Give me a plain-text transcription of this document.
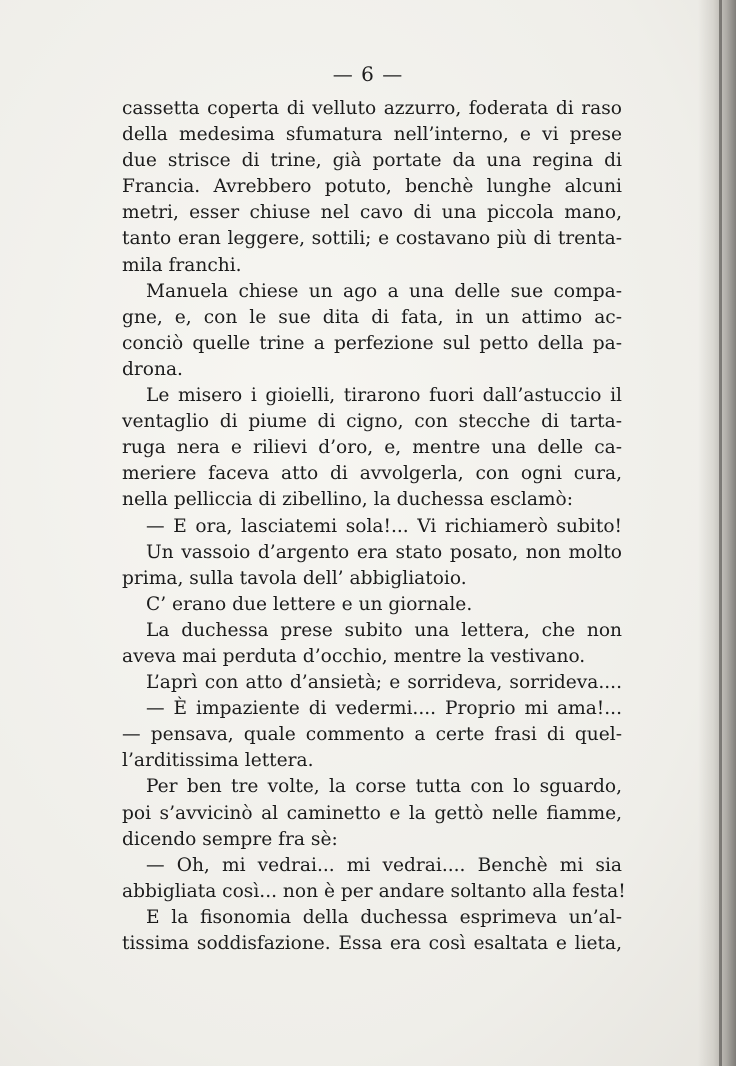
— 6 —
cassetta coperta di velluto azzurro, foderata di raso
della medesima sfumatura nell’interno, e vi prese
due strisce di trine, già portate da una regina di
Francia. Avrebbero potuto, benchè lunghe alcuni
metri, esser chiuse nel cavo di una piccola mano,
tanto eran leggere, sottili; e costavano più di trenta-
mila franchi.
Manuela chiese un ago a una delle sue compa-
gne, e, con le sue dita di fata, in un attimo ac-
conciò quelle trine a perfezione sul petto della pa-
drona.
Le misero i gioielli, tirarono fuori dall’astuccio il
ventaglio di piume di cigno, con stecche di tarta-
ruga nera e rilievi d’oro, e, mentre una delle ca-
meriere faceva atto di avvolgerla, con ogni cura,
nella pelliccia di zibellino, la duchessa esclamò:
— E ora, lasciatemi sola!... Vi richiamerò subito!
Un vassoio d’argento era stato posato, non molto
prima, sulla tavola dell’ abbigliatoio.
C’ erano due lettere e un giornale.
La duchessa prese subito una lettera, che non
aveva mai perduta d’occhio, mentre la vestivano.
L’aprì con atto d’ansietà; e sorrideva, sorrideva....
— È impaziente di vedermi.... Proprio mi ama!...
— pensava, quale commento a certe frasi di quel-
l’arditissima lettera.
Per ben tre volte, la corse tutta con lo sguardo,
poi s’avvicinò al caminetto e la gettò nelle fiamme,
dicendo sempre fra sè:
— Oh, mi vedrai... mi vedrai.... Benchè mi sia
abbigliata così... non è per andare soltanto alla festa!
E la fisonomia della duchessa esprimeva un’al-
tissima soddisfazione. Essa era così esaltata e lieta,
